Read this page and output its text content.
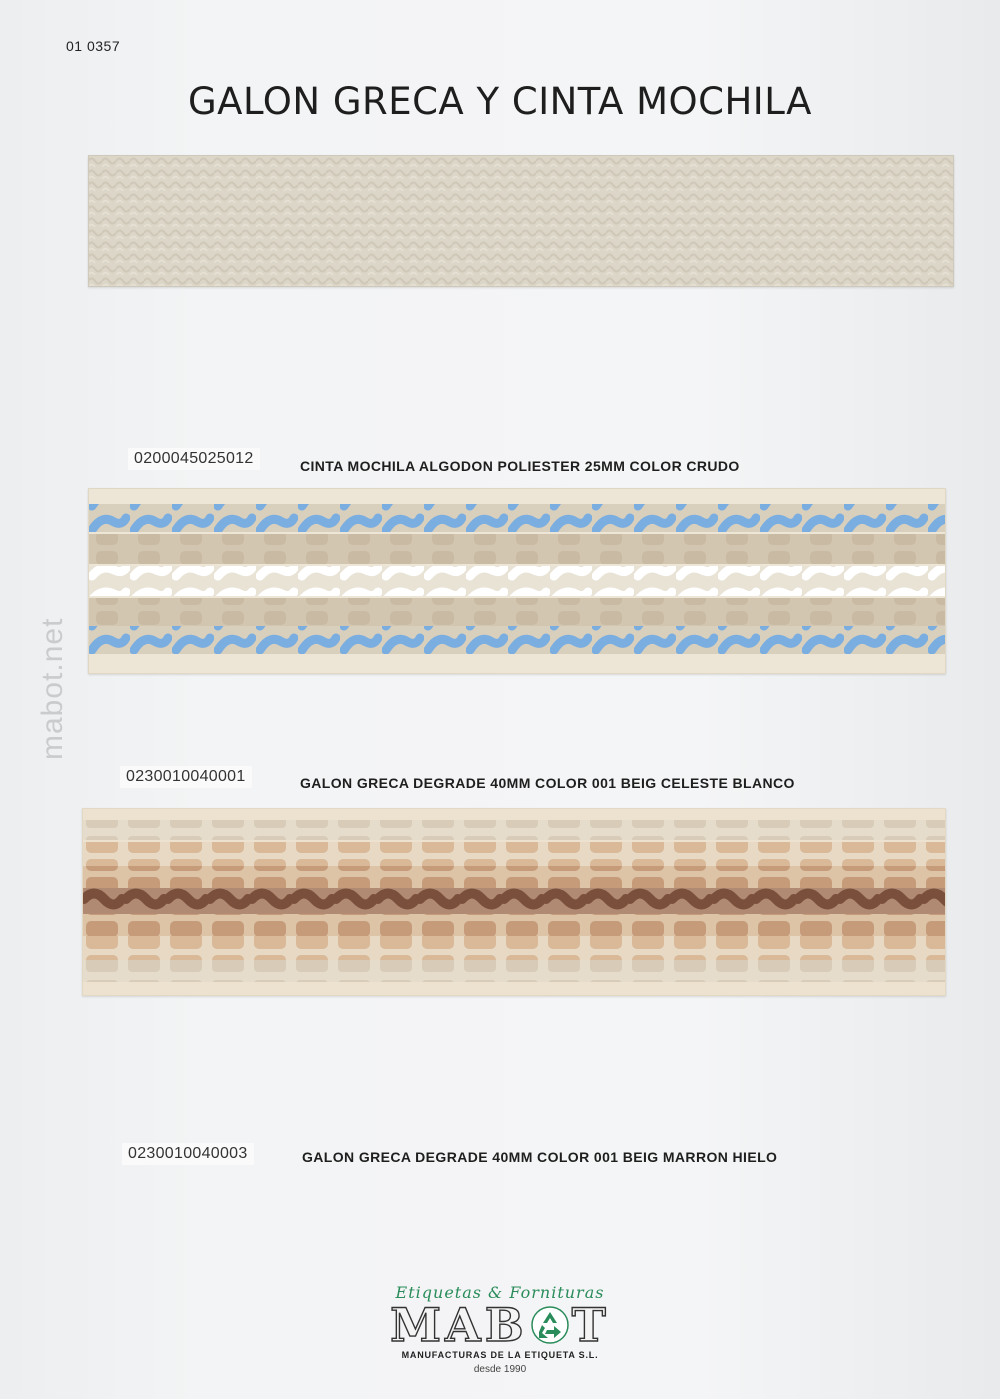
01 0357
GALON GRECA Y CINTA MOCHILA
mabot.net
0200045025012	CINTA MOCHILA ALGODON POLIESTER 25MM COLOR CRUDO
0230010040001	GALON GRECA DEGRADE 40MM COLOR 001 BEIG CELESTE BLANCO
0230010040003	GALON GRECA DEGRADE 40MM COLOR 001 BEIG MARRON HIELO
Etiquetas & Fornituras
MAB T
MANUFACTURAS DE LA ETIQUETA S.L.
desde 1990
